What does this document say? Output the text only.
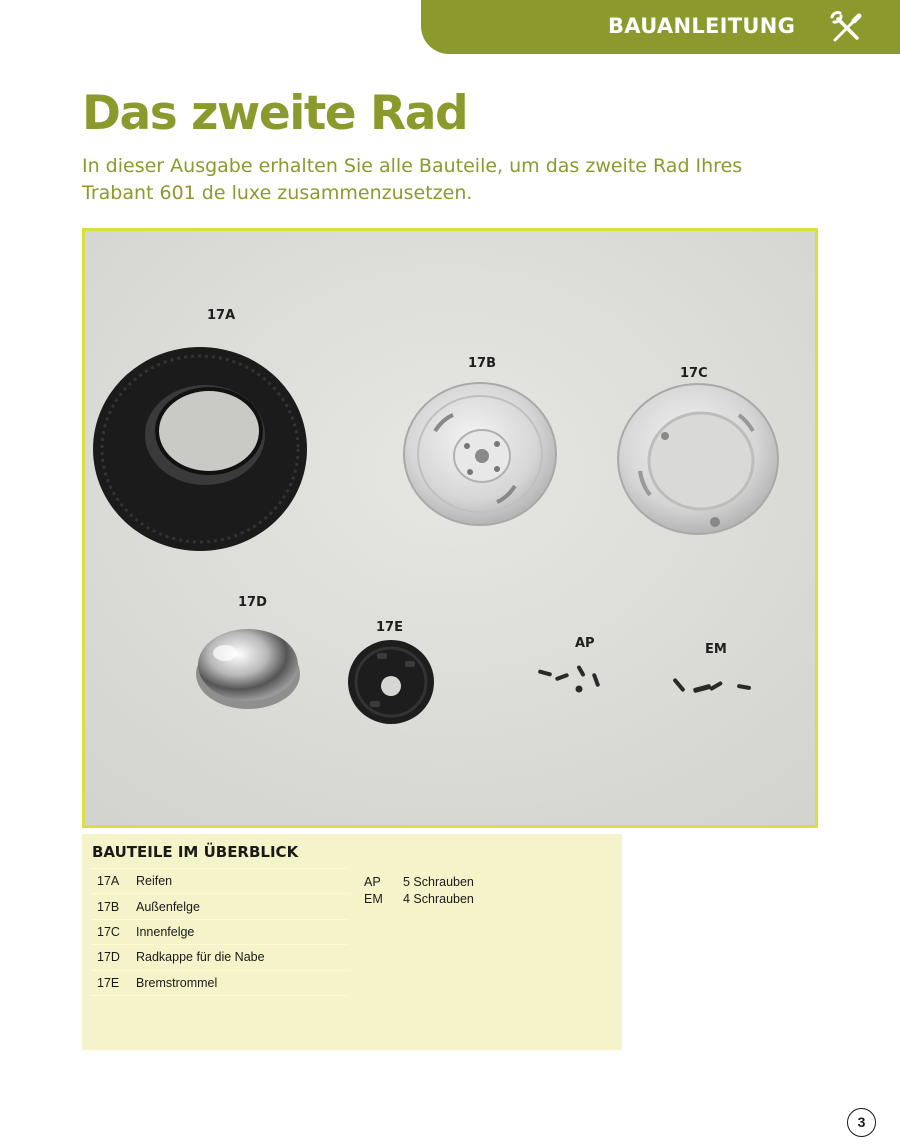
BAUANLEITUNG
Das zweite Rad

In dieser Ausgabe erhalten Sie alle Bauteile, um das zweite Rad Ihres Trabant 601 de luxe zusammenzusetzen.

17A
17B
17C
17D
17E
AP	EM
BAUTEILE IM ÜBERBLICK
17A	Reifen
17B	Außenfelge
17C	Innenfelge
17D	Radkappe für die Nabe
17E	Bremstrommel
AP	5 Schrauben
EM	4 Schrauben
3
